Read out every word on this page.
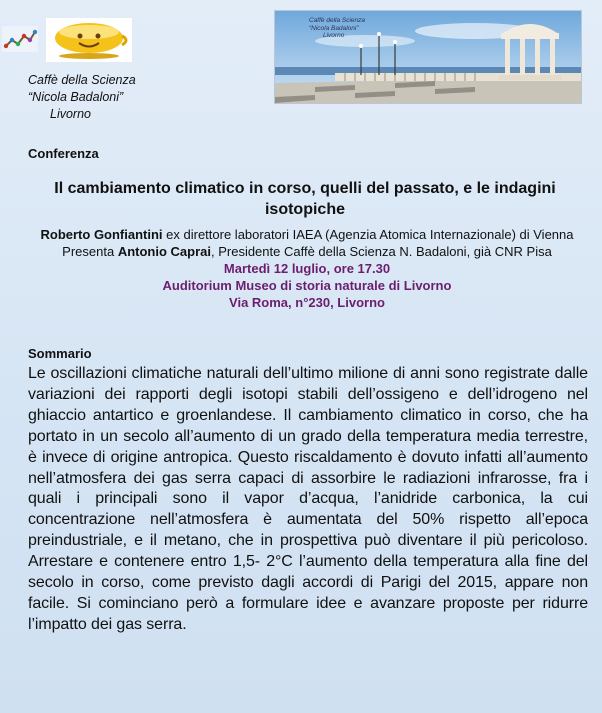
Caffè della Scienza
“Nicola Badaloni”
Livorno
Caffè della Scienza
“Nicola Badaloni”
Livorno
Conferenza
Il cambiamento climatico in corso, quelli del passato, e le indagini isotopiche

Roberto Gonfiantini ex direttore laboratori IAEA (Agenzia Atomica Internazionale) di Vienna

Presenta Antonio Caprai, Presidente Caffè della Scienza N. Badaloni, già CNR Pisa

Martedì 12 luglio, ore 17.30

Auditorium Museo di storia naturale di Livorno

Via Roma, n°230, Livorno

Sommario
Le oscillazioni climatiche naturali dell’ultimo milione di anni sono registrate dalle variazioni dei rapporti degli isotopi stabili dell’ossigeno e dell’idrogeno nel ghiaccio antartico e groenlandese. Il cambiamento climatico in corso, che ha portato in un secolo all’aumento di un grado della temperatura media terrestre, è invece di origine antropica. Questo riscaldamento è dovuto infatti all’aumento nell’atmosfera dei gas serra capaci di assorbire le radiazioni infrarosse, fra i quali i principali sono il vapor d’acqua, l’anidride carbonica, la cui concentrazione nell’atmosfera è aumentata del 50% rispetto all’epoca preindustriale, e il metano, che in prospettiva può diventare il più pericoloso. Arrestare e contenere entro 1,5- 2°C l’aumento della temperatura alla fine del secolo in corso, come previsto dagli accordi di Parigi del 2015, appare non facile. Si cominciano però a formulare idee e avanzare proposte per ridurre l’impatto dei gas serra.
